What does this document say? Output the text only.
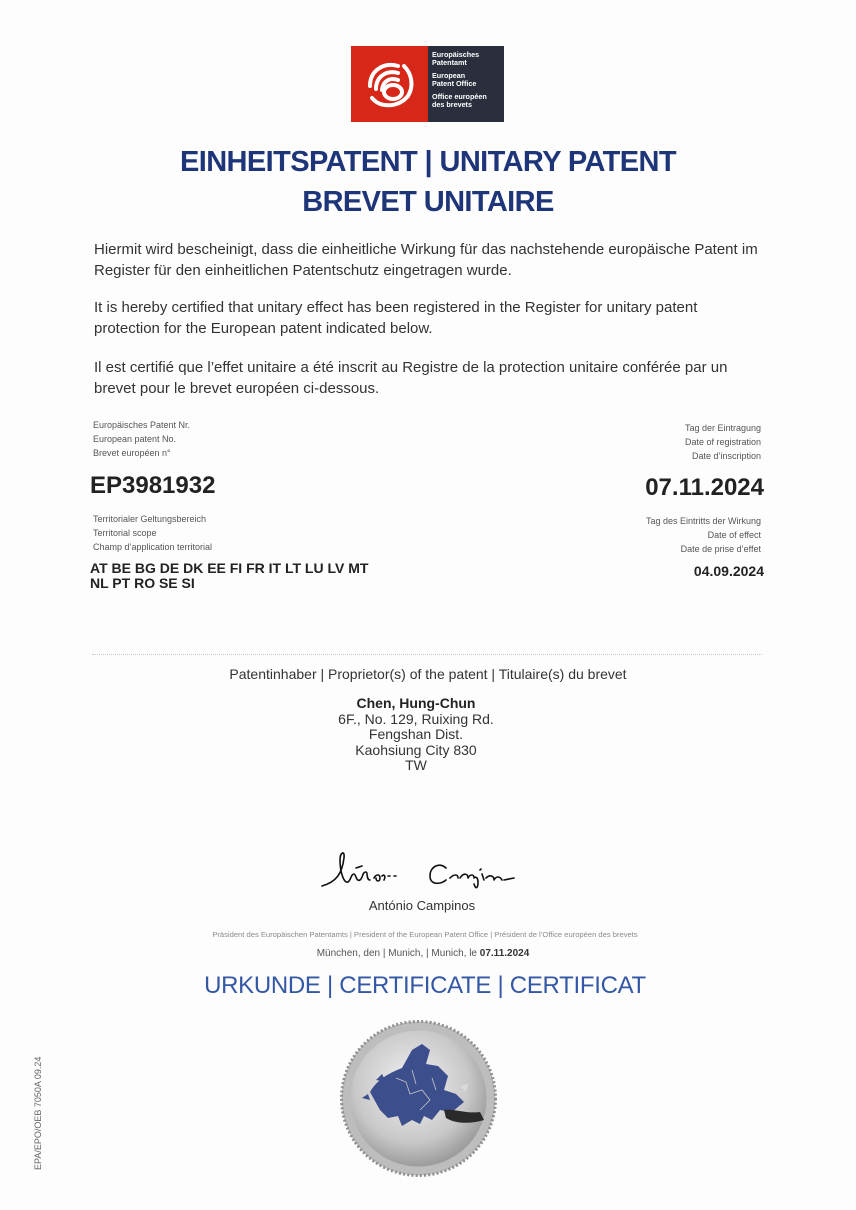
Europäisches
Patentamt
European
Patent Office
Office européen
des brevets
EINHEITSPATENT | UNITARY PATENT
BREVET UNITAIRE
Hiermit wird bescheinigt, dass die einheitliche Wirkung für das nachstehende europäische Patent im Register für den einheitlichen Patentschutz eingetragen wurde.
It is hereby certified that unitary effect has been registered in the Register for unitary patent protection for the European patent indicated below.
Il est certifié que l’effet unitaire a été inscrit au Registre de la protection unitaire conférée par un brevet pour le brevet européen ci-dessous.
Europäisches Patent Nr.
European patent No.
Brevet européen n°
EP3981932
Tag der Eintragung
Date of registration
Date d’inscription
07.11.2024
Territorialer Geltungsbereich
Territorial scope
Champ d’application territorial
AT BE BG DE DK EE FI FR IT LT LU LV MT
NL PT RO SE SI
Tag des Eintritts der Wirkung
Date of effect
Date de prise d’effet
04.09.2024
Patentinhaber | Proprietor(s) of the patent | Titulaire(s) du brevet
Chen, Hung-Chun
6F., No. 129, Ruixing Rd.
Fengshan Dist.
Kaohsiung City 830
TW
António Campinos
Präsident des Europäischen Patentamts | President of the European Patent Office | Président de l’Office européen des brevets
München, den | Munich, | Munich, le 07.11.2024
URKUNDE | CERTIFICATE | CERTIFICAT
EPA/EPO/OEB 7050A 09.24
